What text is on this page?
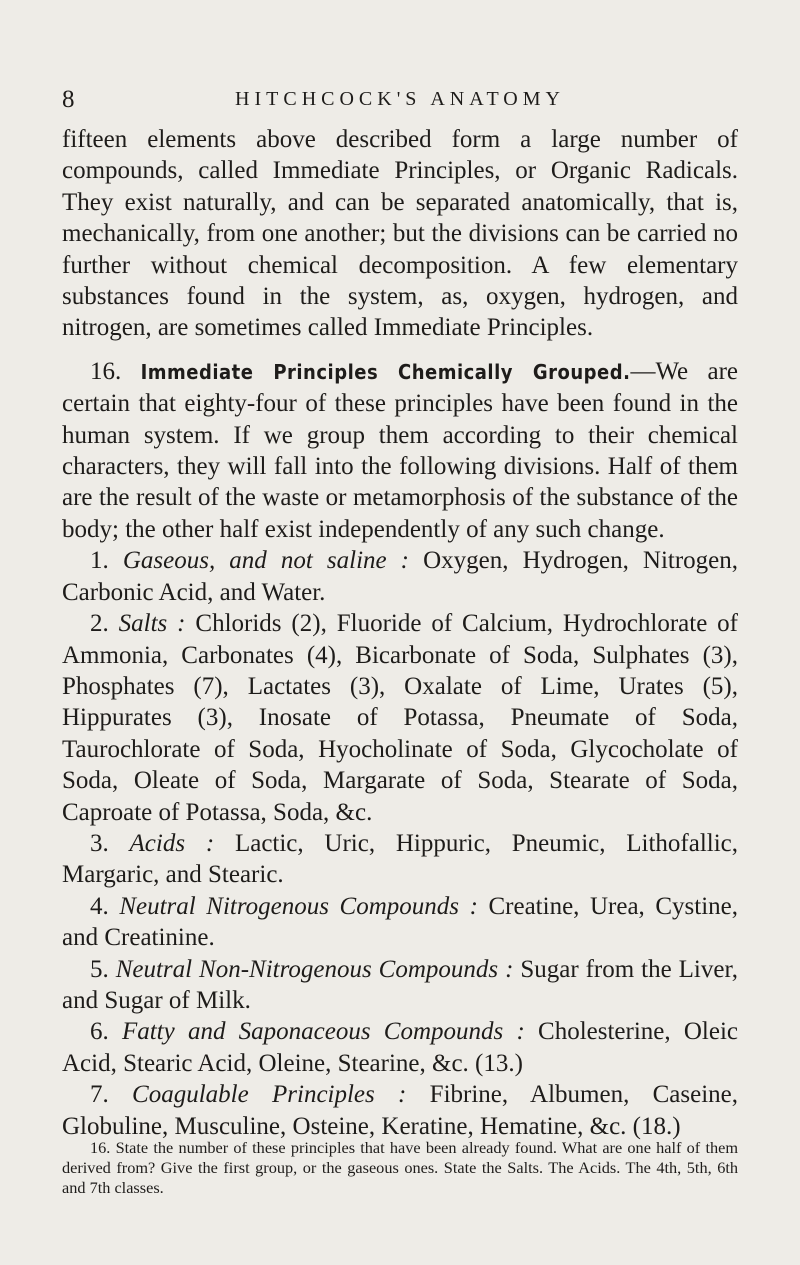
8	HITCHCOCK'S ANATOMY

fifteen elements above described form a large number of compounds, called Immediate Principles, or Organic Radicals. They exist naturally, and can be separated anatomically, that is, mechanically, from one another; but the divisions can be carried no further without chemical decomposition. A few elementary substances found in the system, as, oxygen, hydrogen, and nitrogen, are sometimes called Immediate Principles.

16. Immediate Principles Chemically Grouped.—We are certain that eighty-four of these principles have been found in the human system. If we group them according to their chemical characters, they will fall into the following divisions. Half of them are the result of the waste or metamorphosis of the substance of the body; the other half exist independently of any such change.

1. Gaseous, and not saline : Oxygen, Hydrogen, Nitrogen, Carbonic Acid, and Water.

2. Salts : Chlorids (2), Fluoride of Calcium, Hydrochlorate of Ammonia, Carbonates (4), Bicarbonate of Soda, Sulphates (3), Phosphates (7), Lactates (3), Oxalate of Lime, Urates (5), Hippurates (3), Inosate of Potassa, Pneumate of Soda, Taurochlorate of Soda, Hyocholinate of Soda, Glycocholate of Soda, Oleate of Soda, Margarate of Soda, Stearate of Soda, Caproate of Potassa, Soda, &c.

3. Acids : Lactic, Uric, Hippuric, Pneumic, Lithofallic, Margaric, and Stearic.

4. Neutral Nitrogenous Compounds : Creatine, Urea, Cystine, and Creatinine.

5. Neutral Non-Nitrogenous Compounds : Sugar from the Liver, and Sugar of Milk.

6. Fatty and Saponaceous Compounds : Cholesterine, Oleic Acid, Stearic Acid, Oleine, Stearine, &c. (13.)

7. Coagulable Principles : Fibrine, Albumen, Caseine, Globuline, Musculine, Osteine, Keratine, Hematine, &c. (18.)

16. State the number of these principles that have been already found. What are one half of them derived from? Give the first group, or the gaseous ones. State the Salts. The Acids. The 4th, 5th, 6th and 7th classes.
